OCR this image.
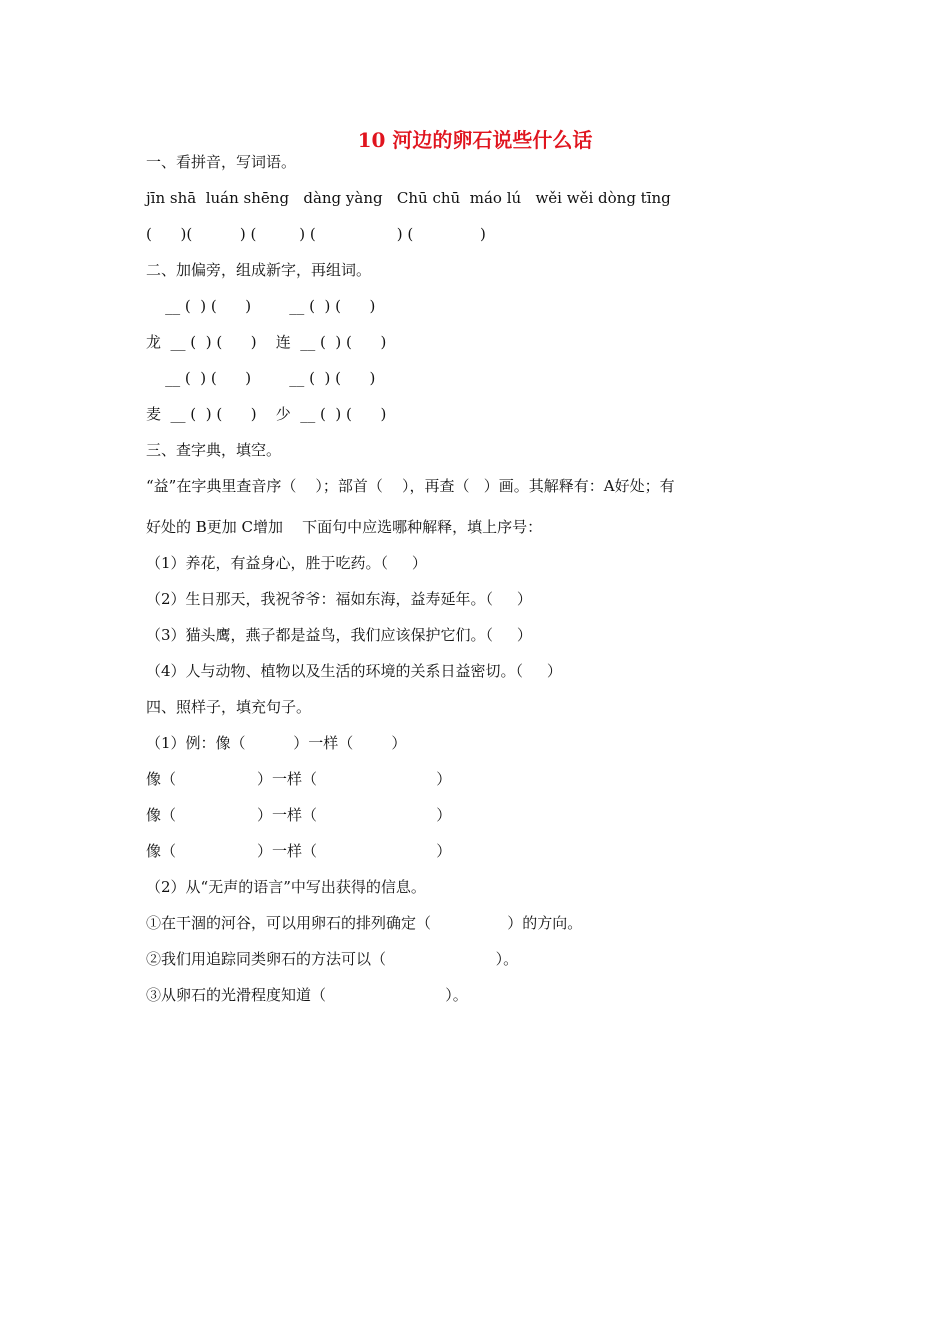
10 河边的卵石说些什么话
一、看拼音，写词语。
jīn shā  luán shēng   dàng yàng   Chū chū  máo lú   wěi wěi dòng tīng
(      )(          ) (         ) (                 ) (              )
二、加偏旁，组成新字，再组词。
__ (  ) (      )        __ (  ) (      )
龙  __ (  ) (      )    连  __ (  ) (      )
__ (  ) (      )        __ (  ) (      )
麦  __ (  ) (      )    少  __ (  ) (      )
三、查字典，填空。
“益”在字典里查音序（    ）；部首（    ），再查（   ）画。其解释有：A好处；有
好处的 B更加 C增加    下面句中应选哪种解释，填上序号：
（1）养花，有益身心，胜于吃药。（     ）
（2）生日那天，我祝爷爷：福如东海，益寿延年。（     ）
（3）猫头鹰，燕子都是益鸟，我们应该保护它们。（     ）
（4）人与动物、植物以及生活的环境的关系日益密切。（     ）
四、照样子，填充句子。
（1）例：像（          ）一样（        ）
像（                 ）一样（                         ）
像（                 ）一样（                         ）
像（                 ）一样（                         ）
（2）从“无声的语言”中写出获得的信息。
①在干涸的河谷，可以用卵石的排列确定（                ）的方向。
②我们用追踪同类卵石的方法可以（                       ）。
③从卵石的光滑程度知道（                         ）。
